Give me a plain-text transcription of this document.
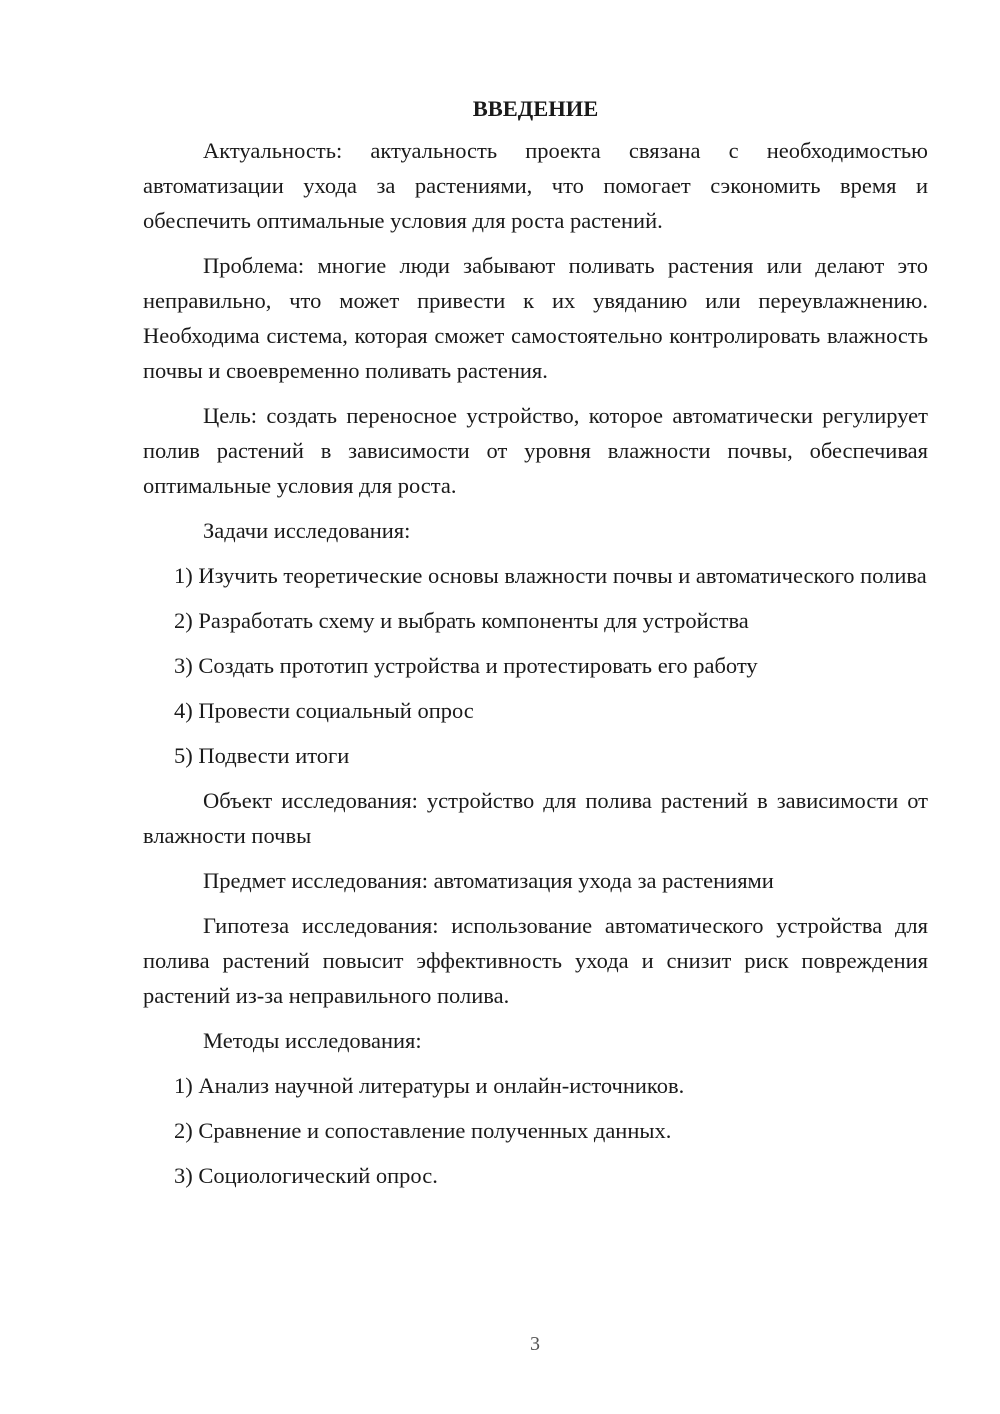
ВВЕДЕНИЕ

Актуальность: актуальность проекта связана с необходимостью автоматизации ухода за растениями, что помогает сэкономить время и обеспечить оптимальные условия для роста растений.

Проблема: многие люди забывают поливать растения или делают это неправильно, что может привести к их увяданию или переувлажнению. Необходима система, которая сможет самостоятельно контролировать влажность почвы и своевременно поливать растения.

Цель: создать переносное устройство, которое автоматически регулирует полив растений в зависимости от уровня влажности почвы, обеспечивая оптимальные условия для роста.

Задачи исследования:

1) Изучить теоретические основы влажности почвы и автоматического полива

2) Разработать схему и выбрать компоненты для устройства

3) Создать прототип устройства и протестировать его работу

4) Провести социальный опрос

5) Подвести итоги

Объект исследования: устройство для полива растений в зависимости от влажности почвы

Предмет исследования: автоматизация ухода за растениями

Гипотеза исследования: использование автоматического устройства для полива растений повысит эффективность ухода и снизит риск повреждения растений из-за неправильного полива.

Методы исследования:

1) Анализ научной литературы и онлайн-источников.

2) Сравнение и сопоставление полученных данных.

3) Социологический опрос.

3
